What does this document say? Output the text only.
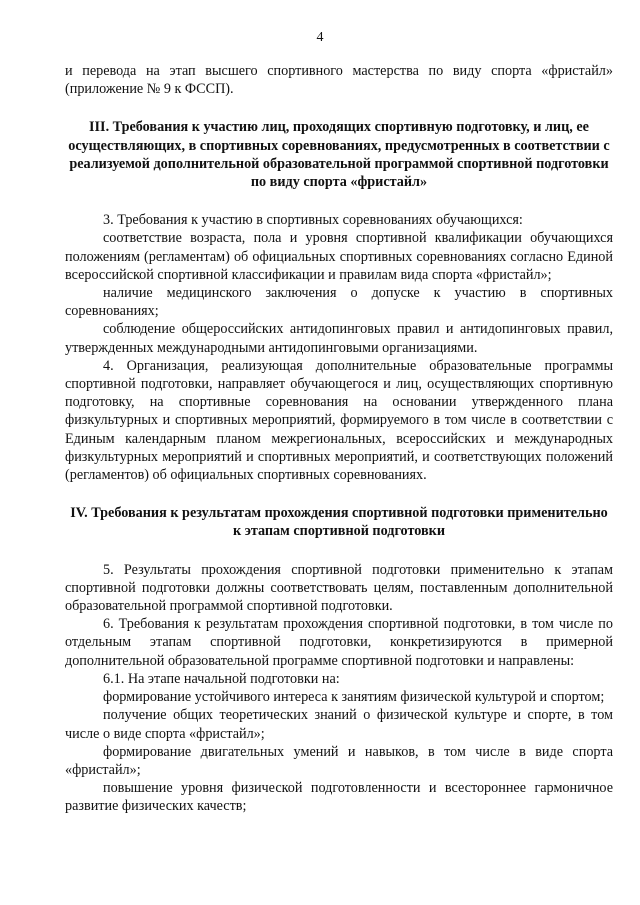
4

и перевода на этап высшего спортивного мастерства по виду спорта «фристайл» (приложение № 9 к ФССП).

III. Требования к участию лиц, проходящих спортивную подготовку, и лиц, ее осуществляющих, в спортивных соревнованиях, предусмотренных в соответствии с реализуемой дополнительной образовательной программой спортивной подготовки по виду спорта «фристайл»

3. Требования к участию в спортивных соревнованиях обучающихся:

соответствие возраста, пола и уровня спортивной квалификации обучающихся положениям (регламентам) об официальных спортивных соревнованиях согласно Единой всероссийской спортивной классификации и правилам вида спорта «фристайл»;

наличие медицинского заключения о допуске к участию в спортивных соревнованиях;

соблюдение общероссийских антидопинговых правил и антидопинговых правил, утвержденных международными антидопинговыми организациями.

4. Организация, реализующая дополнительные образовательные программы спортивной подготовки, направляет обучающегося и лиц, осуществляющих спортивную подготовку, на спортивные соревнования на основании утвержденного плана физкультурных и спортивных мероприятий, формируемого в том числе в соответствии с Единым календарным планом межрегиональных, всероссийских и международных физкультурных мероприятий и спортивных мероприятий, и соответствующих положений (регламентов) об официальных спортивных соревнованиях.

IV. Требования к результатам прохождения спортивной подготовки применительно к этапам спортивной подготовки

5. Результаты прохождения спортивной подготовки применительно к этапам спортивной подготовки должны соответствовать целям, поставленным дополнительной образовательной программой спортивной подготовки.

6. Требования к результатам прохождения спортивной подготовки, в том числе по отдельным этапам спортивной подготовки, конкретизируются в примерной дополнительной образовательной программе спортивной подготовки и направлены:

6.1. На этапе начальной подготовки на:

формирование устойчивого интереса к занятиям физической культурой и спортом;

получение общих теоретических знаний о физической культуре и спорте, в том числе о виде спорта «фристайл»;

формирование двигательных умений и навыков, в том числе в виде спорта «фристайл»;

повышение уровня физической подготовленности и всестороннее гармоничное развитие физических качеств;
